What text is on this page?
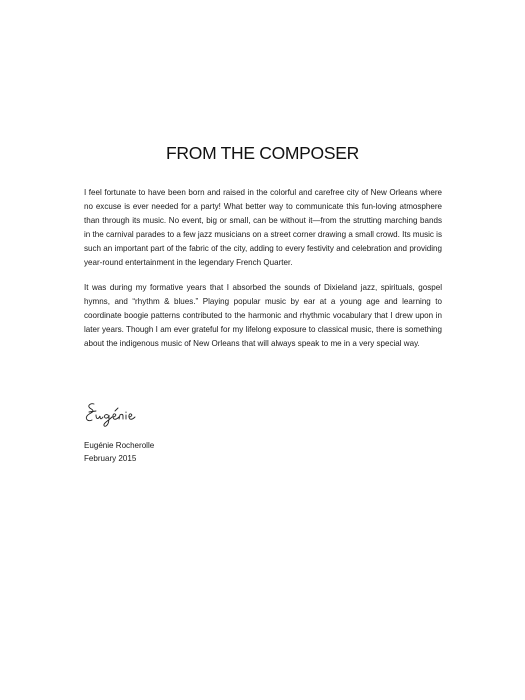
FROM THE COMPOSER

I feel fortunate to have been born and raised in the colorful and carefree city of New Orleans where no excuse is ever needed for a party! What better way to communicate this fun-loving atmosphere than through its music. No event, big or small, can be without it—from the strutting marching bands in the carnival parades to a few jazz musicians on a street corner drawing a small crowd. Its music is such an important part of the fabric of the city, adding to every festivity and celebration and providing year-round entertainment in the legendary French Quarter.

It was during my formative years that I absorbed the sounds of Dixieland jazz, spirituals, gospel hymns, and “rhythm & blues.” Playing popular music by ear at a young age and learning to coordinate boogie patterns contributed to the harmonic and rhythmic vocabulary that I drew upon in later years. Though I am ever grateful for my lifelong exposure to classical music, there is something about the indigenous music of New Orleans that will always speak to me in a very special way.

Eugénie Rocherolle
February 2015
